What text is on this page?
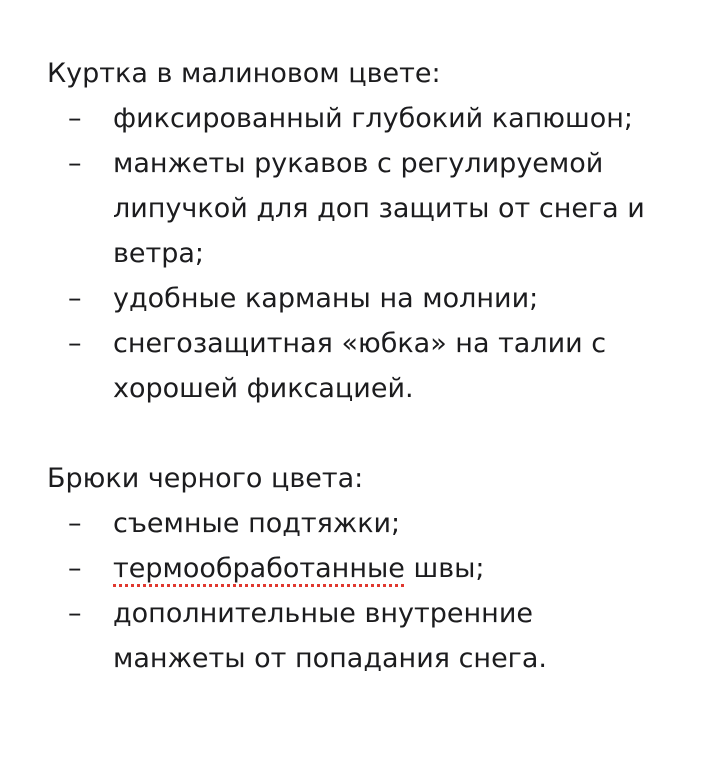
Куртка в малиновом цвете:

– фиксированный глубокий капюшон;
– манжеты рукавов с регулируемой липучкой для доп защиты от снега и ветра;
– удобные карманы на молнии;
– снегозащитная «юбка» на талии с хорошей фиксацией.

Брюки черного цвета:

– съемные подтяжки;
– термообработанные швы;
– дополнительные внутренние манжеты от попадания снега.
